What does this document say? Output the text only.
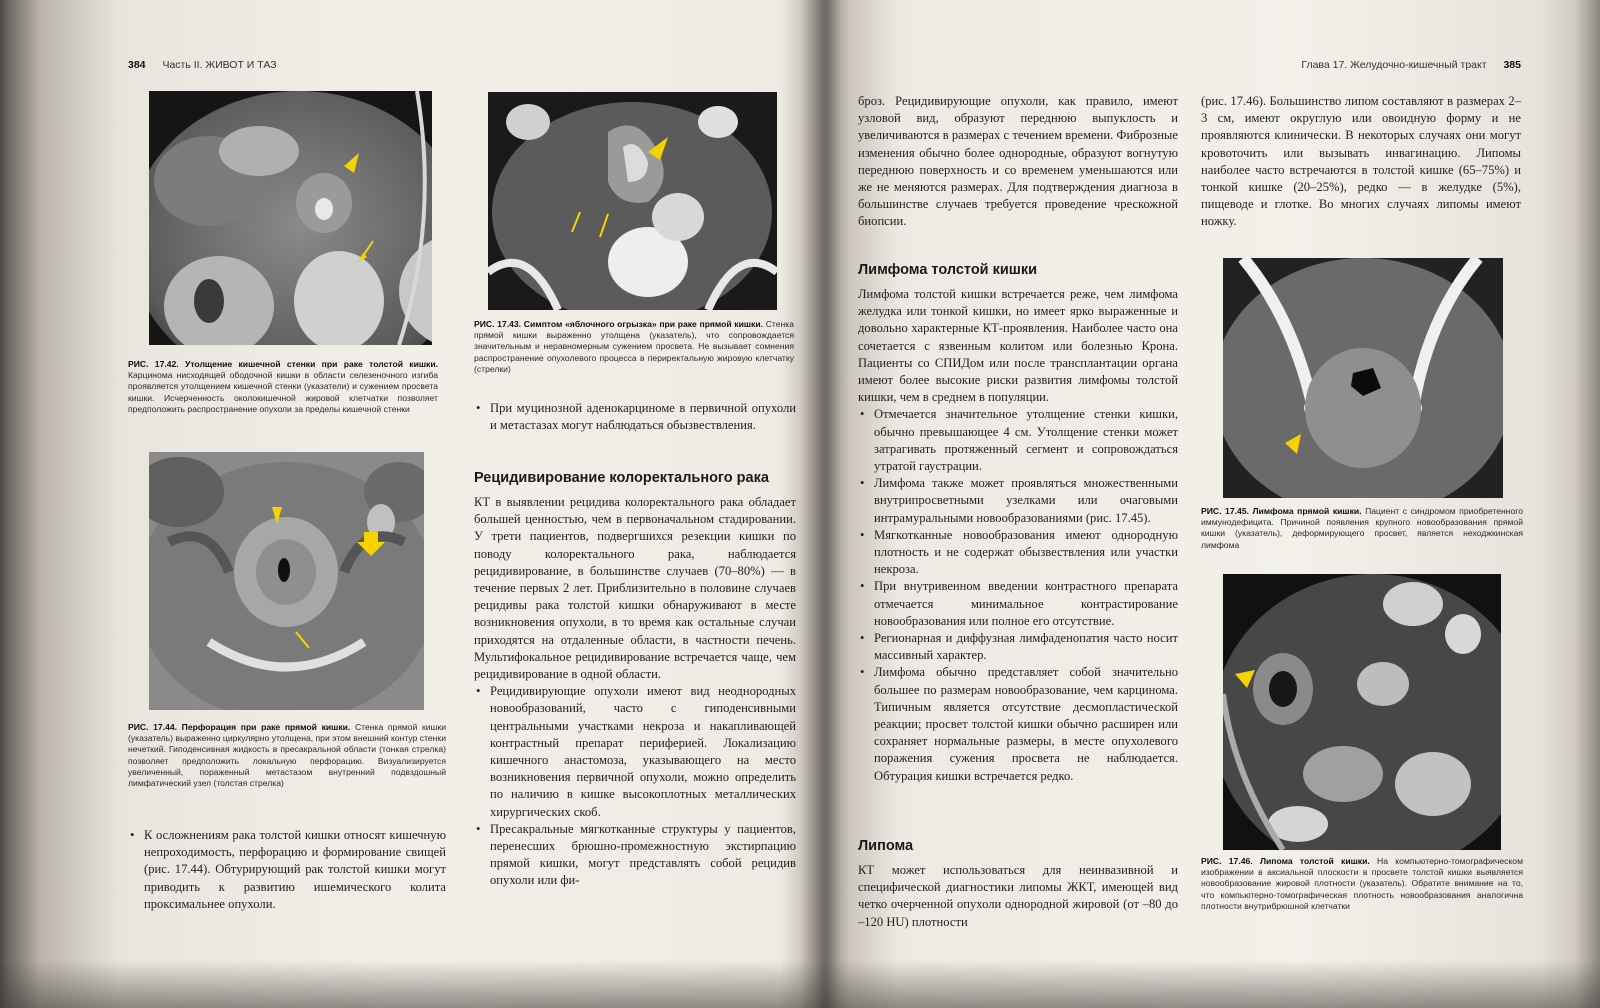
384 Часть II. ЖИВОТ И ТАЗ
РИС. 17.42. Утолщение кишечной стенки при раке толстой кишки. Карцинома нисходящей ободочной кишки в области селезеночного изгиба проявляется утолщением кишечной стенки (указатели) и сужением просвета кишки. Исчерченность околокишечной жировой клетчатки позволяет предположить распространение опухоли за пределы кишечной стенки
РИС. 17.44. Перфорация при раке прямой кишки. Стенка прямой кишки (указатель) выраженно циркулярно утолщена, при этом внешний контур стенки нечеткий. Гиподенсивная жидкость в пресакральной области (тонкая стрелка) позволяет предположить локальную перфорацию. Визуализируется увеличенный, пораженный метастазом внутренний подвздошный лимфатический узел (толстая стрелка)
• К осложнениям рака толстой кишки относят кишечную непроходимость, перфорацию и формирование свищей (рис. 17.44). Обтурирующий рак толстой кишки могут приводить к развитию ишемического колита проксимальнее опухоли.
РИС. 17.43. Симптом «яблочного огрызка» при раке прямой кишки. Стенка прямой кишки выраженно утолщена (указатель), что сопровождается значительным и неравномерным сужением просвета. Не вызывает сомнения распространение опухолевого процесса в периректальную жировую клетчатку (стрелки)
• При муцинозной аденокарциноме в первичной опухоли и метастазах могут наблюдаться обызвествления.
Рецидивирование колоректального рака

КТ в выявлении рецидива колоректального рака обладает большей ценностью, чем в первоначальном стадировании. У трети пациентов, подвергшихся резекции кишки по поводу колоректального рака, наблюдается рецидивирование, в большинстве случаев (70–80%) — в течение первых 2 лет. Приблизительно в половине случаев рецидивы рака толстой кишки обнаруживают в месте возникновения опухоли, в то время как остальные случаи приходятся на отдаленные области, в частности печень. Мультифокальное рецидивирование встречается чаще, чем рецидивирование в одной области.

• Рецидивирующие опухоли имеют вид неоднородных новообразований, часто с гиподенсивными центральными участками некроза и накапливающей контрастный препарат периферией. Локализацию кишечного анастомоза, указывающего на место возникновения первичной опухоли, можно определить по наличию в кишке высокоплотных металлических хирургических скоб.
• Пресакральные мягкотканные структуры у пациентов, перенесших брюшно-промежностную экстирпацию прямой кишки, могут представлять собой рецидив опухоли или фи-
Глава 17. Желудочно-кишечный тракт 385

броз. Рецидивирующие опухоли, как правило, имеют узловой вид, образуют переднюю выпуклость и увеличиваются в размерах с течением времени. Фиброзные изменения обычно более однородные, образуют вогнутую переднюю поверхность и со временем уменьшаются или же не меняются размерах. Для подтверждения диагноза в большинстве случаев требуется проведение чрескожной биопсии.

Лимфома толстой кишки

Лимфома толстой кишки встречается реже, чем лимфома желудка или тонкой кишки, но имеет ярко выраженные и довольно характерные КТ-проявления. Наиболее часто она сочетается с язвенным колитом или болезнью Крона. Пациенты со СПИДом или после трансплантации органа имеют более высокие риски развития лимфомы толстой кишки, чем в среднем в популяции.

• Отмечается значительное утолщение стенки кишки, обычно превышающее 4 см. Утолщение стенки может затрагивать протяженный сегмент и сопровождаться утратой гаустрации.
• Лимфома также может проявляться множественными внутрипросветными узелками или очаговыми интрамуральными новообразованиями (рис. 17.45).
• Мягкотканные новообразования имеют однородную плотность и не содержат обызвествления или участки некроза.
• При внутривенном введении контрастного препарата отмечается минимальное контрастирование новообразования или полное его отсутствие.
• Регионарная и диффузная лимфаденопатия часто носит массивный характер.
• Лимфома обычно представляет собой значительно большее по размерам новообразование, чем карцинома. Типичным является отсутствие десмопластической реакции; просвет толстой кишки обычно расширен или сохраняет нормальные размеры, в месте опухолевого поражения сужения просвета не наблюдается. Обтурация кишки встречается редко.
Липома

КТ может использоваться для неинвазивной и специфической диагностики липомы ЖКТ, имеющей вид четко очерченной опухоли однородной жировой (от –80 до –120 HU) плотности

(рис. 17.46). Большинство липом составляют в размерах 2–3 см, имеют округлую или овоидную форму и не проявляются клинически. В некоторых случаях они могут кровоточить или вызывать инвагинацию. Липомы наиболее часто встречаются в толстой кишке (65–75%) и тонкой кишке (20–25%), редко — в желудке (5%), пищеводе и глотке. Во многих случаях липомы имеют ножку.

РИС. 17.45. Лимфома прямой кишки. Пациент с синдромом приобретенного иммунодефицита. Причиной появления крупного новообразования прямой кишки (указатель), деформирующего просвет, является неходжкинская лимфома
РИС. 17.46. Липома толстой кишки. На компьютерно-томографическом изображении в аксиальной плоскости в просвете толстой кишки выявляется новообразование жировой плотности (указатель). Обратите внимание на то, что компьютерно-томографическая плотность новообразования аналогична плотности внутрибрюшной клетчатки
